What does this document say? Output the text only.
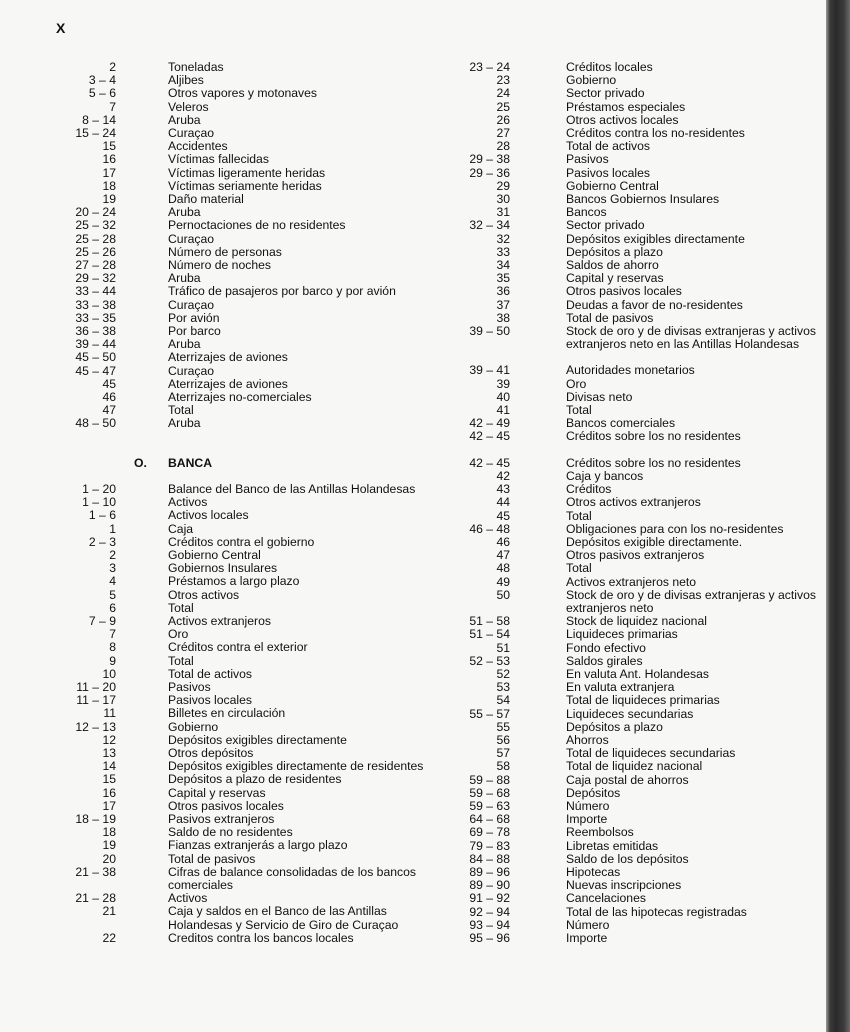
X
2	Toneladas
3 – 4	Aljibes
5 – 6	Otros vapores y motonaves
7	Veleros
8 – 14	Aruba
15 – 24	Curaçao
15	Accidentes
16	Víctimas fallecidas
17	Víctimas ligeramente heridas
18	Víctimas seriamente heridas
19	Daño material
20 – 24	Aruba
25 – 32	Pernoctaciones de no residentes
25 – 28	Curaçao
25 – 26	Número de personas
27 – 28	Número de noches
29 – 32	Aruba
33 – 44	Tráfico de pasajeros por barco y por avión
33 – 38	Curaçao
33 – 35	Por avión
36 – 38	Por barco
39 – 44	Aruba
45 – 50	Aterrizajes de aviones
45 – 47	Curaçao
45	Aterrizajes de aviones
46	Aterrizajes no-comerciales
47	Total
48 – 50	Aruba
O. BANCA
1 – 20	Balance del Banco de las Antillas Holandesas
1 – 10	Activos
1 – 6	Activos locales
1	Caja
2 – 3	Créditos contra el gobierno
2	Gobierno Central
3	Gobiernos Insulares
4	Préstamos a largo plazo
5	Otros activos
6	Total
7 – 9	Activos extranjeros
7	Oro
8	Créditos contra el exterior
9	Total
10	Total de activos
11 – 20	Pasivos
11 – 17	Pasivos locales
11	Billetes en circulación
12 – 13	Gobierno
12	Depósitos exigibles directamente
13	Otros depósitos
14	Depósitos exigibles directamente de residentes
15	Depósitos a plazo de residentes
16	Capital y reservas
17	Otros pasivos locales
18 – 19	Pasivos extranjeros
18	Saldo de no residentes
19	Fianzas extranjerás a largo plazo
20	Total de pasivos
21 – 38	Cifras de balance consolidadas de los bancos comerciales
21 – 28	Activos
21	Caja y saldos en el Banco de las Antillas Holandesas y Servicio de Giro de Curaçao
22	Creditos contra los bancos locales
23 – 24	Créditos locales
23	Gobierno
24	Sector privado
25	Préstamos especiales
26	Otros activos locales
27	Créditos contra los no-residentes
28	Total de activos
29 – 38	Pasivos
29 – 36	Pasivos locales
29	Gobierno Central
30	Bancos Gobiernos Insulares
31	Bancos
32 – 34	Sector privado
32	Depósitos exigibles directamente
33	Depósitos a plazo
34	Saldos de ahorro
35	Capital y reservas
36	Otros pasivos locales
37	Deudas a favor de no-residentes
38	Total de pasivos
39 – 50	Stock de oro y de divisas extranjeras y activos extranjeros neto en las Antillas Holandesas
39 – 41	Autoridades monetarios
39	Oro
40	Divisas neto
41	Total
42 – 49	Bancos comerciales
42 – 45	Créditos sobre los no residentes
42 – 45	Créditos sobre los no residentes
42	Caja y bancos
43	Créditos
44	Otros activos extranjeros
45	Total
46 – 48	Obligaciones para con los no-residentes
46	Depósitos exigible directamente.
47	Otros pasivos extranjeros
48	Total
49	Activos extranjeros neto
50	Stock de oro y de divisas extranjeras y activos extranjeros neto
51 – 58	Stock de liquidez nacional
51 – 54	Liquideces primarias
51	Fondo efectivo
52 – 53	Saldos girales
52	En valuta Ant. Holandesas
53	En valuta extranjera
54	Total de liquideces primarias
55 – 57	Liquideces secundarias
55	Depósitos a plazo
56	Ahorros
57	Total de liquideces secundarias
58	Total de liquidez nacional
59 – 88	Caja postal de ahorros
59 – 68	Depósitos
59 – 63	Número
64 – 68	Importe
69 – 78	Reembolsos
79 – 83	Libretas emitidas
84 – 88	Saldo de los depósitos
89 – 96	Hipotecas
89 – 90	Nuevas inscripciones
91 – 92	Cancelaciones
92 – 94	Total de las hipotecas registradas
93 – 94	Número
95 – 96	Importe
